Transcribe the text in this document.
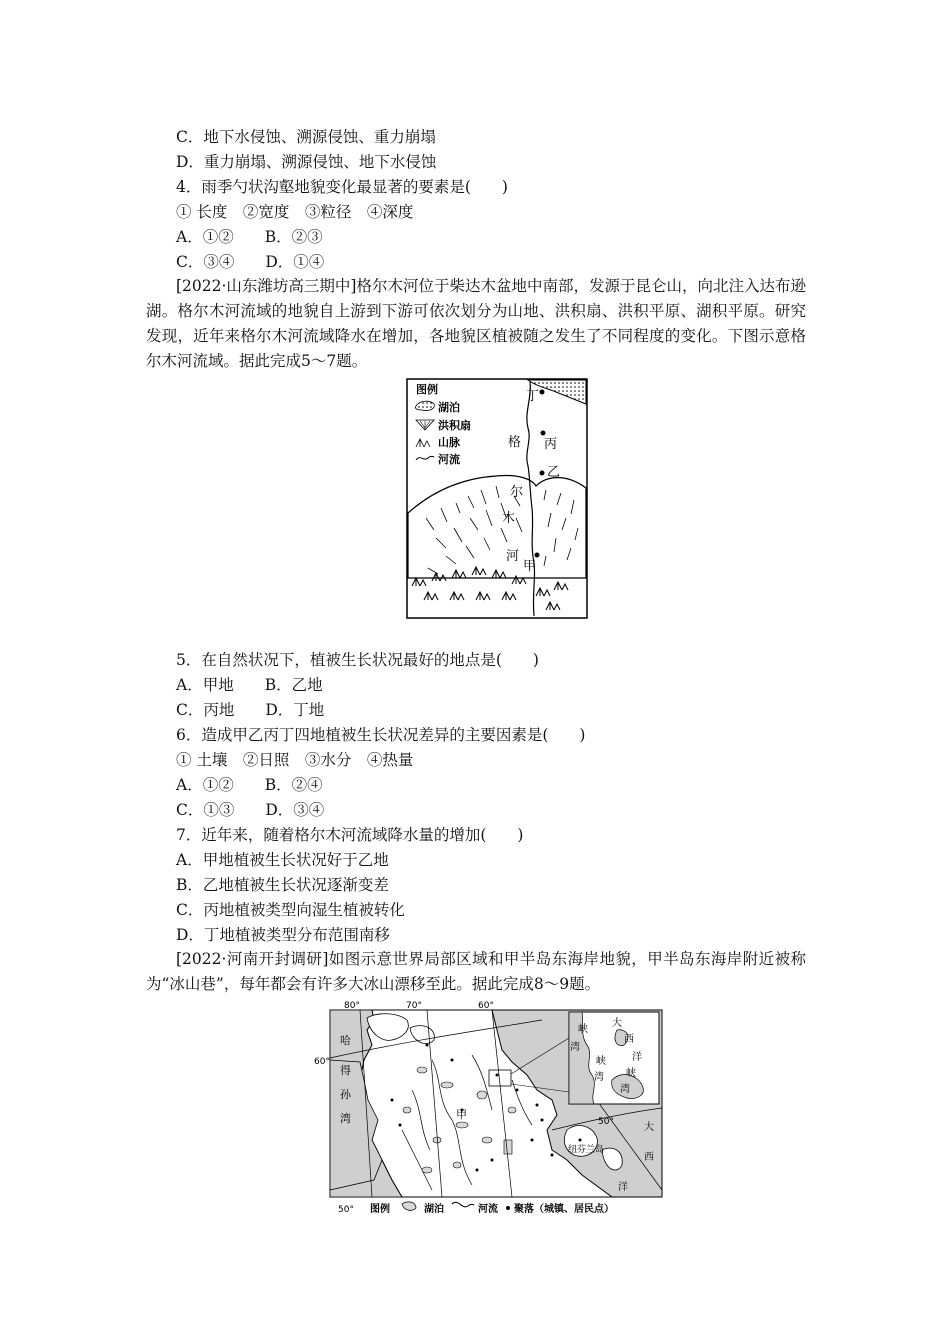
C．地下水侵蚀、溯源侵蚀、重力崩塌
D．重力崩塌、溯源侵蚀、地下水侵蚀
4．雨季勺状沟壑地貌变化最显著的要素是(　　)
① 长度　②宽度　③粒径　④深度
A．①②　　B．②③
C．③④　　D．①④
[2022·山东潍坊高三期中]格尔木河位于柴达木盆地中南部，发源于昆仑山，向北注入达布逊湖。格尔木河流域的地貌自上游到下游可依次划分为山地、洪积扇、洪积平原、湖积平原。研究发现，近年来格尔木河流域降水在增加，各地貌区植被随之发生了不同程度的变化。下图示意格尔木河流域。据此完成5～7题。
图例
湖泊
洪积扇
山脉
河流
格
尔
木
河
丁
丙
乙
甲
5．在自然状况下，植被生长状况最好的地点是(　　)
A．甲地　　B．乙地
C．丙地　　D．丁地
6．造成甲乙丙丁四地植被生长状况差异的主要因素是(　　)
① 土壤　②日照　③水分　④热量
A．①②　　B．②④
C．①③　　D．③④
7．近年来，随着格尔木河流域降水量的增加(　　)
A．甲地植被生长状况好于乙地
B．乙地植被生长状况逐渐变差
C．丙地植被类型向湿生植被转化
D．丁地植被类型分布范围南移
[2022·河南开封调研]如图示意世界局部区域和甲半岛东海岸地貌，甲半岛东海岸附近被称为“冰山巷”，每年都会有许多大冰山漂移至此。据此完成8～9题。
80°	70°	60°
50°
60°
50°
哈
得
孙
湾	甲
纽芬兰岛
大
西
洋
大
西
洋
峡
湾
峡
湾 峡
湾
图例	湖泊	河流 聚落（城镇、居民点）
